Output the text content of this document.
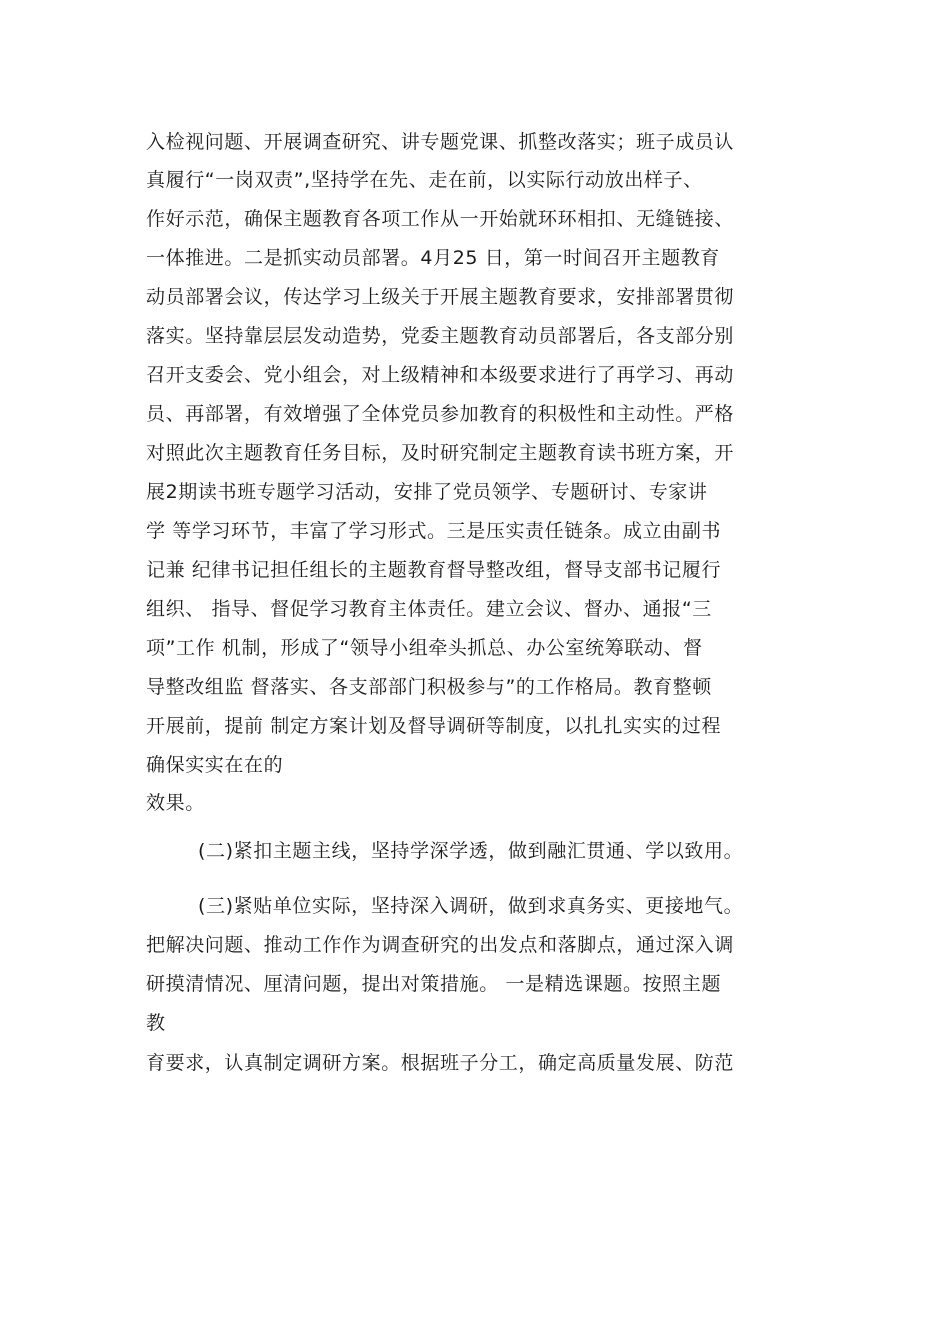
入检视问题、开展调查研究、讲专题党课、抓整改落实；班子成员认

真履行“一岗双责”,坚持学在先、走在前，以实际行动放出样子、

作好示范，确保主题教育各项工作从一开始就环环相扣、无缝链接、

一体推进。二是抓实动员部署。4月25 日，第一时间召开主题教育

动员部署会议，传达学习上级关于开展主题教育要求，安排部署贯彻

落实。坚持靠层层发动造势，党委主题教育动员部署后，各支部分别

召开支委会、党小组会，对上级精神和本级要求进行了再学习、再动

员、再部署，有效增强了全体党员参加教育的积极性和主动性。严格

对照此次主题教育任务目标，及时研究制定主题教育读书班方案，开

展2期读书班专题学习活动，安排了党员领学、专题研讨、专家讲

学 等学习环节，丰富了学习形式。三是压实责任链条。成立由副书

记兼 纪律书记担任组长的主题教育督导整改组，督导支部书记履行

组织、 指导、督促学习教育主体责任。建立会议、督办、通报“三

项”工作 机制，形成了“领导小组牵头抓总、办公室统筹联动、督

导整改组监 督落实、各支部部门积极参与”的工作格局。教育整顿

开展前，提前 制定方案计划及督导调研等制度，以扎扎实实的过程

确保实实在在的

效果。

(二)紧扣主题主线，坚持学深学透，做到融汇贯通、学以致用。

(三)紧贴单位实际，坚持深入调研，做到求真务实、更接地气。

把解决问题、推动工作作为调查研究的出发点和落脚点，通过深入调

研摸清情况、厘清问题，提出对策措施。 一是精选课题。按照主题

教

育要求，认真制定调研方案。根据班子分工，确定高质量发展、防范
